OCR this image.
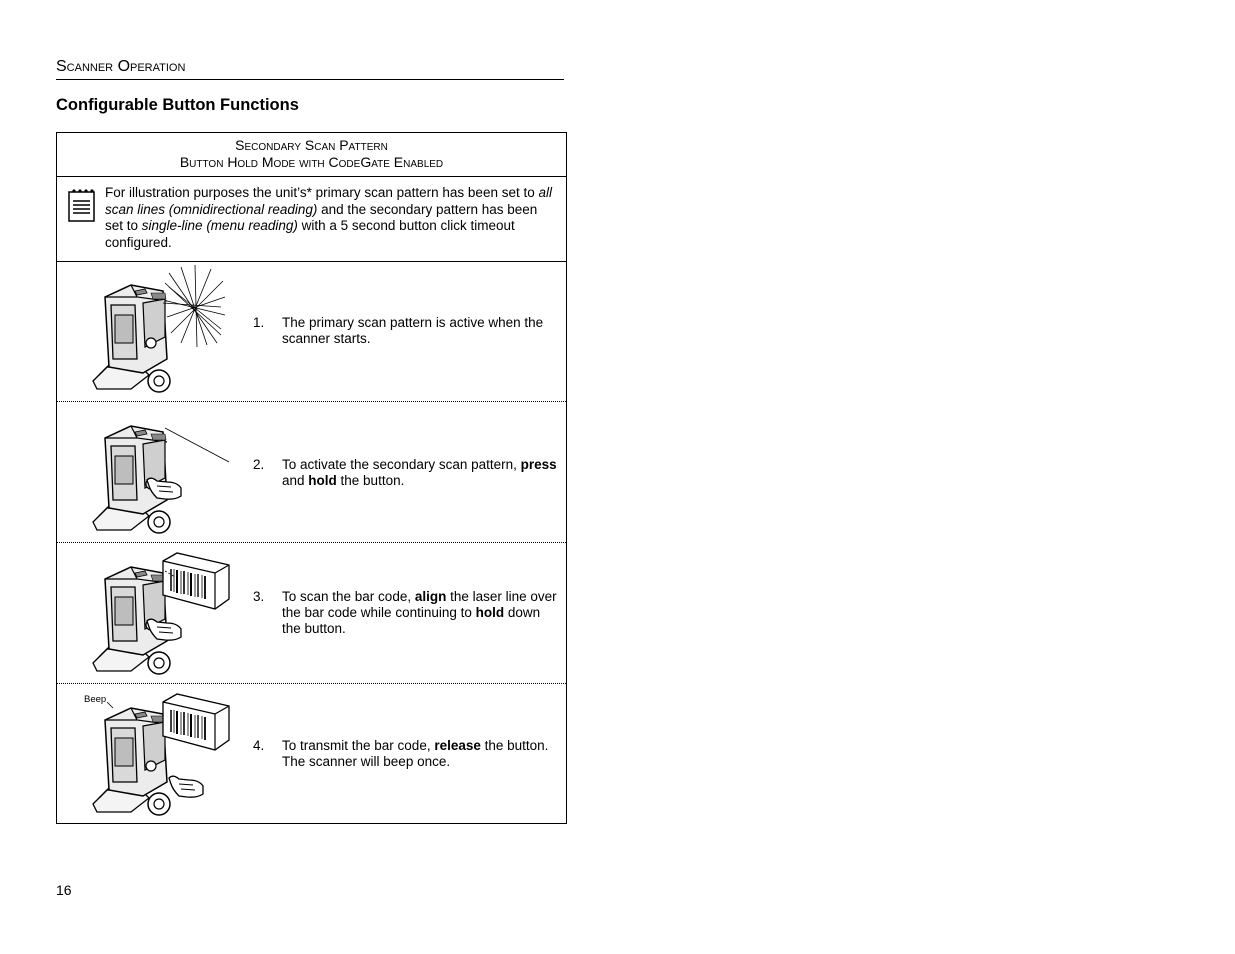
Scanner Operation
Configurable Button Functions
Secondary Scan Pattern
Button Hold Mode with CodeGate Enabled
For illustration purposes the unit’s* primary scan pattern has been set to all scan lines (omnidirectional reading) and the secondary pattern has been set to single-line (menu reading) with a 5 second button click timeout configured.
1. The primary scan pattern is active when the scanner starts.
2. To activate the secondary scan pattern, press and hold the button.
3. To scan the bar code, align the laser line over the bar code while continuing to hold down the button.
Beep
4. To transmit the bar code, release the button. The scanner will beep once.
16
